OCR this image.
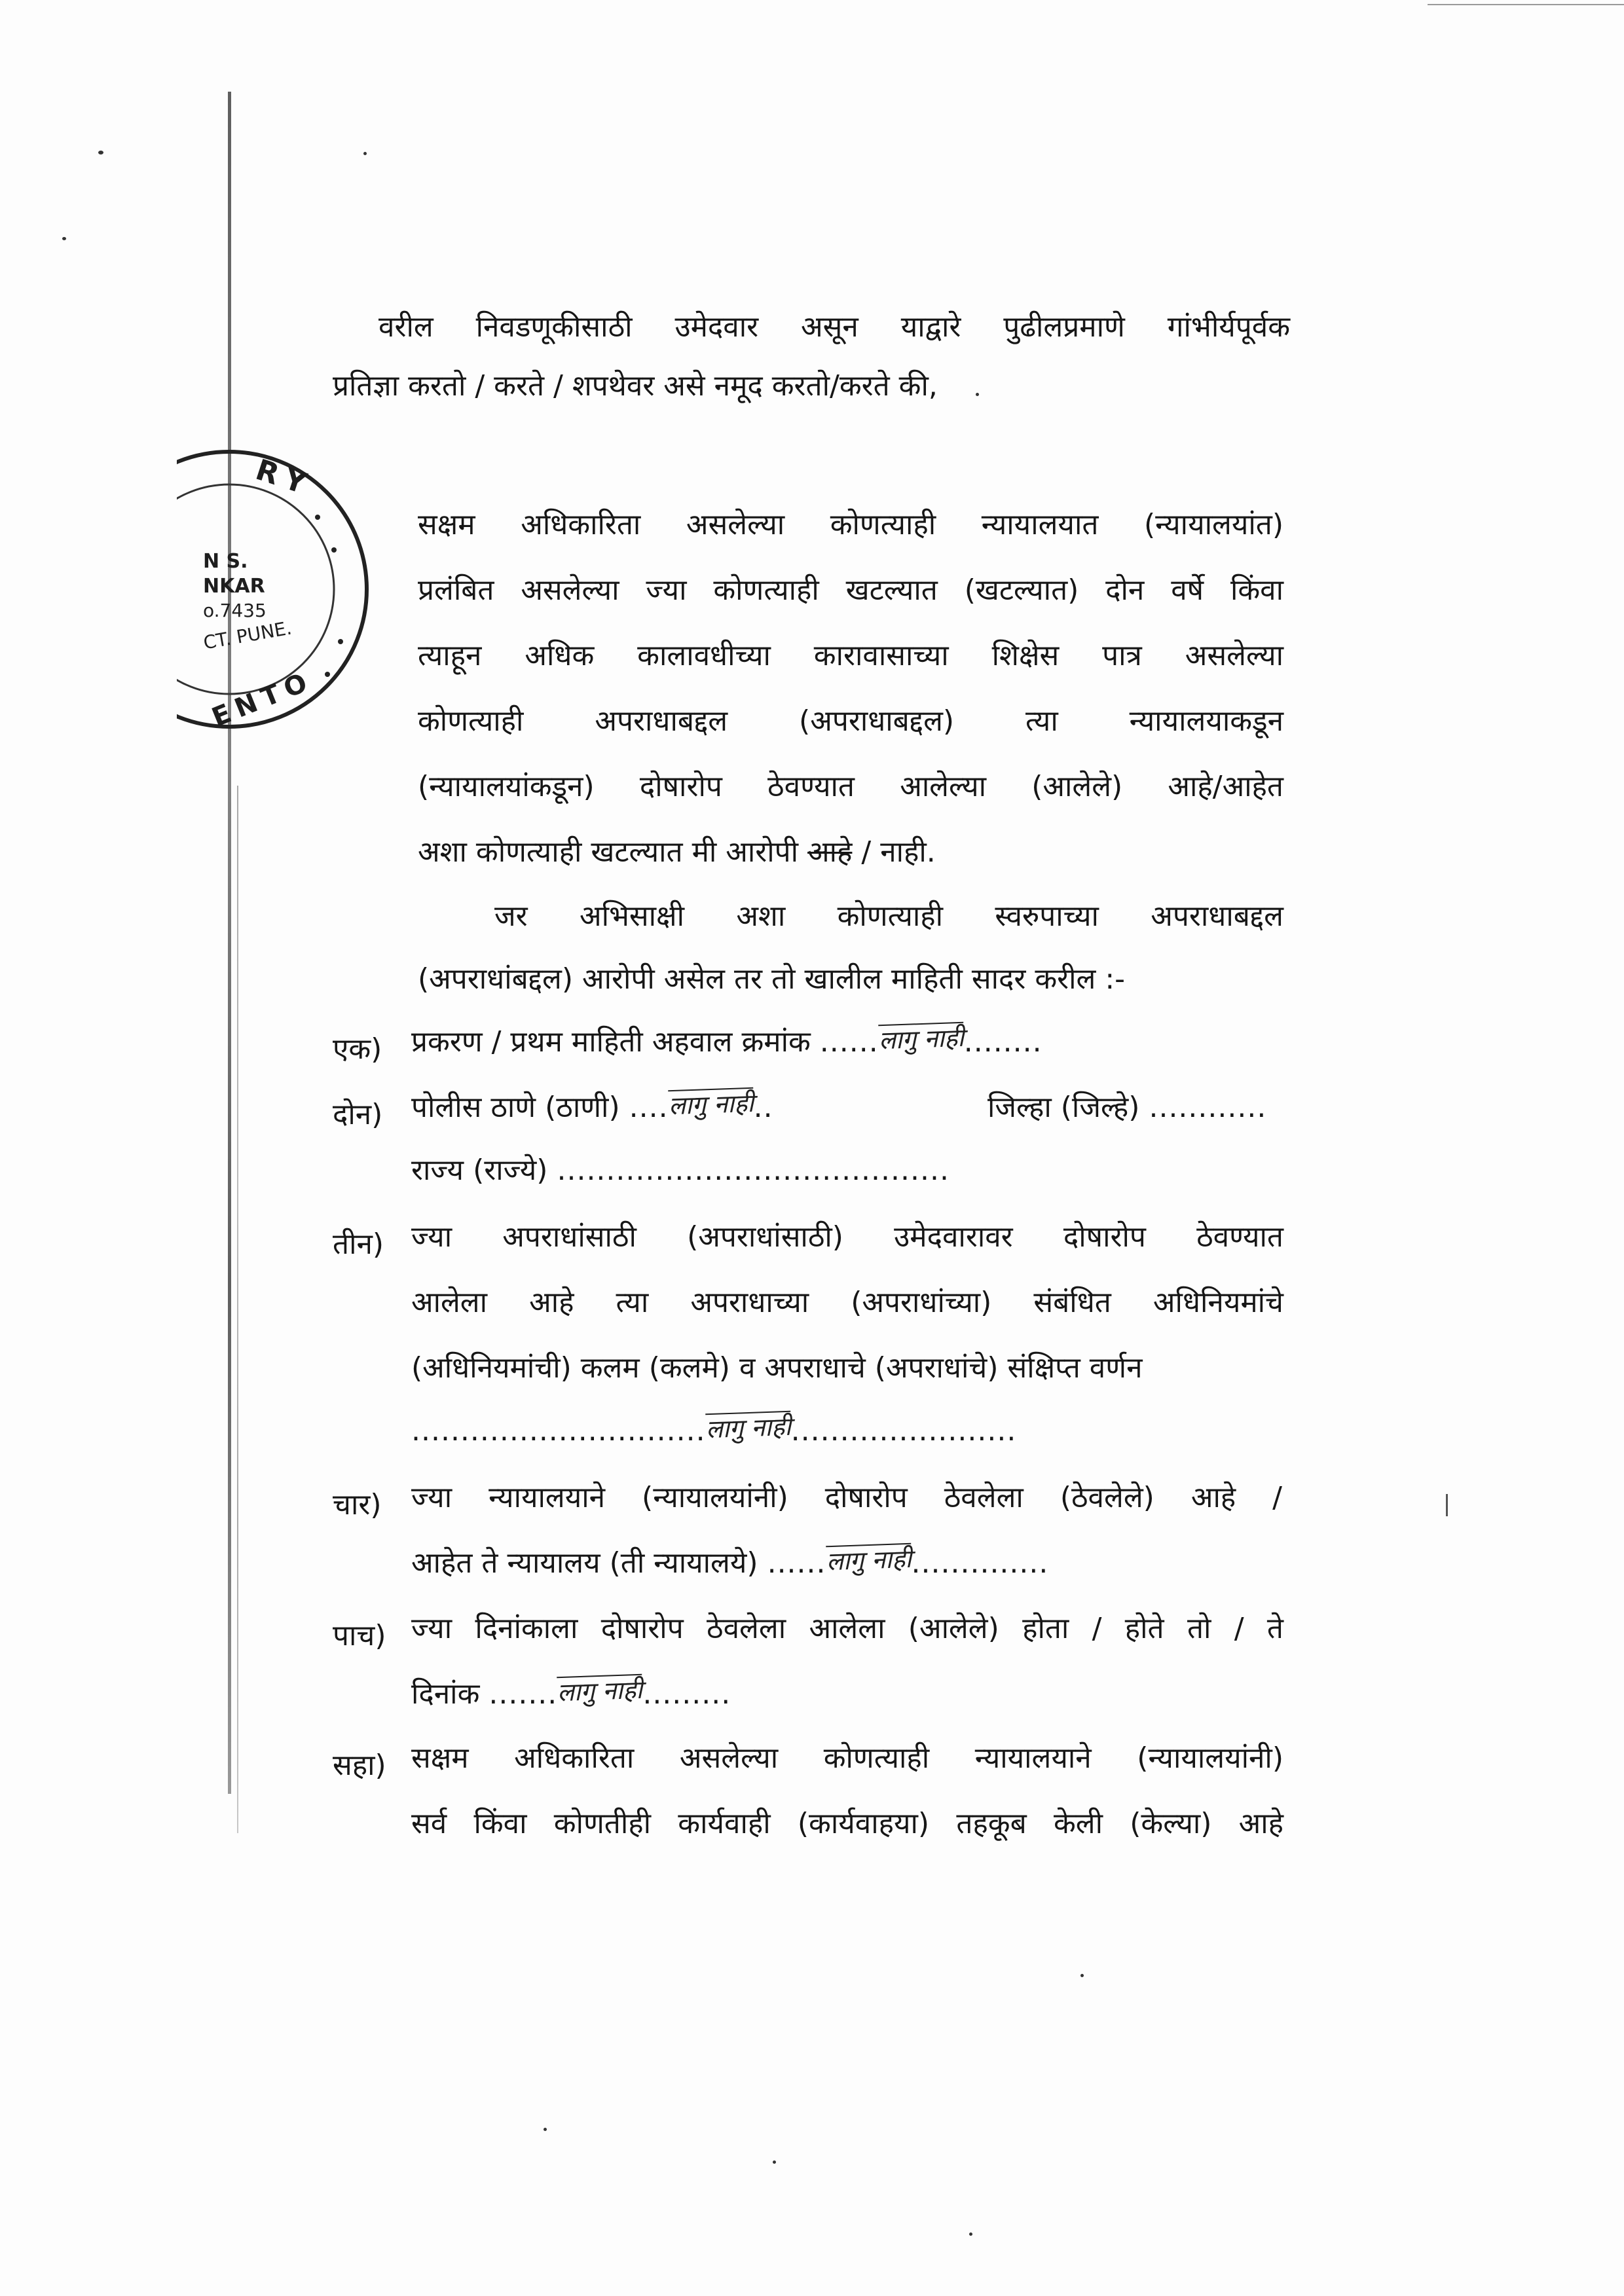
RY
N S.
NKAR
o.7435
CT. PUNE.
ENTO
वरील निवडणूकीसाठी उमेदवार असून याद्वारे पुढीलप्रमाणे गांभीर्यपूर्वक
प्रतिज्ञा करतो / करते / शपथेवर असे नमूद करतो/करते की,
सक्षम अधिकारिता असलेल्या कोणत्याही न्यायालयात (न्यायालयांत)
प्रलंबित असलेल्या ज्या कोणत्याही खटल्यात (खटल्यात) दोन वर्षे किंवा
त्याहून अधिक कालावधीच्या कारावासाच्या शिक्षेस पात्र असलेल्या
कोणत्याही अपराधाबद्दल (अपराधाबद्दल) त्या न्यायालयाकडून
(न्यायालयांकडून) दोषारोप ठेवण्यात आलेल्या (आलेले) आहे/आहेत
अशा कोणत्याही खटल्यात मी आरोपी आहे / नाही.
जर अभिसाक्षी अशा कोणत्याही स्वरुपाच्या अपराधाबद्दल
(अपराधांबद्दल) आरोपी असेल तर तो खालील माहिती सादर करील :-
एक) प्रकरण / प्रथम माहिती अहवाल क्रमांक ......लागु नाही........
दोन) पोलीस ठाणे (ठाणी) ....लागु नाही..	जिल्हा (जिल्हे) ............
राज्य (राज्ये) ........................................
तीन) ज्या अपराधांसाठी (अपराधांसाठी) उमेदवारावर दोषारोप ठेवण्यात
आलेला आहे त्या अपराधाच्या (अपराधांच्या) संबंधित अधिनियमांचे
(अधिनियमांची) कलम (कलमे) व अपराधाचे (अपराधांचे) संक्षिप्त वर्णन
..............................लागु नाही.......................
चार) ज्या न्यायालयाने (न्यायालयांनी) दोषारोप ठेवलेला (ठेवलेले) आहे /
आहेत ते न्यायालय (ती न्यायालये) ......लागु नाही..............
पाच) ज्या दिनांकाला दोषारोप ठेवलेला आलेला (आलेले) होता / होते तो / ते
दिनांक .......लागु नाही.........
सहा) सक्षम अधिकारिता असलेल्या कोणत्याही न्यायालयाने (न्यायालयांनी)
सर्व किंवा कोणतीही कार्यवाही (कार्यवाहया) तहकूब केली (केल्या) आहे
